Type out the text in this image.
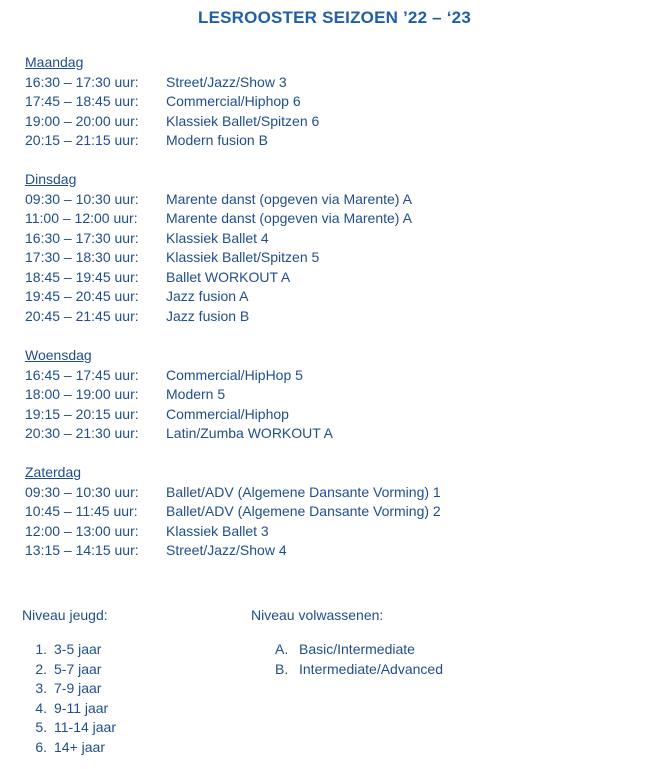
LESROOSTER SEIZOEN ’22 – ‘23
Maandag
16:30 – 17:30 uur: Street/Jazz/Show 3
17:45 – 18:45 uur: Commercial/Hiphop 6
19:00 – 20:00 uur: Klassiek Ballet/Spitzen 6
20:15 – 21:15 uur: Modern fusion B
Dinsdag
09:30 – 10:30 uur: Marente danst (opgeven via Marente) A
11:00 – 12:00 uur: Marente danst (opgeven via Marente) A
16:30 – 17:30 uur: Klassiek Ballet 4
17:30 – 18:30 uur: Klassiek Ballet/Spitzen 5
18:45 – 19:45 uur: Ballet WORKOUT A
19:45 – 20:45 uur: Jazz fusion A
20:45 – 21:45 uur: Jazz fusion B
Woensdag
16:45 – 17:45 uur: Commercial/HipHop 5
18:00 – 19:00 uur: Modern 5
19:15 – 20:15 uur: Commercial/Hiphop
20:30 – 21:30 uur: Latin/Zumba WORKOUT A
Zaterdag
09:30 – 10:30 uur: Ballet/ADV (Algemene Dansante Vorming) 1
10:45 – 11:45 uur: Ballet/ADV (Algemene Dansante Vorming) 2
12:00 – 13:00 uur: Klassiek Ballet 3
13:15 – 14:15 uur: Street/Jazz/Show 4
Niveau jeugd:	Niveau volwassenen:
1. 3-5 jaar
2. 5-7 jaar
3. 7-9 jaar
4. 9-11 jaar
5. 11-14 jaar
6. 14+ jaar
A. Basic/Intermediate
B. Intermediate/Advanced
